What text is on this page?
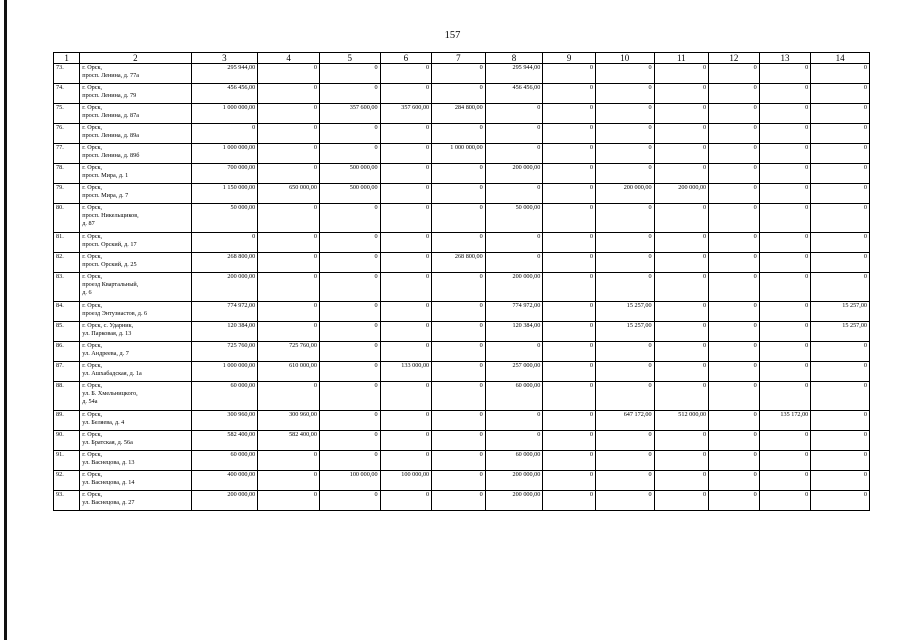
157
1	2	3	4	5	6	7	8	9	10	11	12	13	14
73.	г. Орск,
просп. Ленина, д. 77а	295 944,00	0	0	0	0	295 944,00	0	0	0	0	0	0
74.	г. Орск,
просп. Ленина, д. 79	456 456,00	0	0	0	0	456 456,00	0	0	0	0	0	0
75.	г. Орск,
просп. Ленина, д. 87а	1 000 000,00	0	357 600,00	357 600,00	284 800,00	0	0	0	0	0	0	0
76.	г. Орск,
просп. Ленина, д. 89а	0	0	0	0	0	0	0	0	0	0	0	0
77.	г. Орск,
просп. Ленина, д. 89б	1 000 000,00	0	0	0	1 000 000,00	0	0	0	0	0	0	0
78.	г. Орск,
просп. Мира, д. 1	700 000,00	0	500 000,00	0	0	200 000,00	0	0	0	0	0	0
79.	г. Орск,
просп. Мира, д. 7	1 150 000,00	650 000,00	500 000,00	0	0	0	0	200 000,00	200 000,00	0	0	0
80.	г. Орск,
просп. Никельщиков,
д. 87	50 000,00	0	0	0	0	50 000,00	0	0	0	0	0	0
81.	г. Орск,
просп. Орский, д. 17	0	0	0	0	0	0	0	0	0	0	0	0
82.	г. Орск,
просп. Орский, д. 25	268 800,00	0	0	0	268 800,00	0	0	0	0	0	0	0
83.	г. Орск,
проезд Квартальный,
д. 6	200 000,00	0	0	0	0	200 000,00	0	0	0	0	0	0
84.	г. Орск,
проезд Энтузиастов, д. 6	774 972,00	0	0	0	0	774 972,00	0	15 257,00	0	0	0	15 257,00
85.	г. Орск, с. Ударник,
ул. Парковая, д. 13	120 384,00	0	0	0	0	120 384,00	0	15 257,00	0	0	0	15 257,00
86.	г. Орск,
ул. Андреева, д. 7	725 760,00	725 760,00	0	0	0	0	0	0	0	0	0	0
87.	г. Орск,
ул. Ашхабадская, д. 1а	1 000 000,00	610 000,00	0	133 000,00	0	257 000,00	0	0	0	0	0	0
88.	г. Орск,
ул. Б. Хмельницкого,
д. 54а	60 000,00	0	0	0	0	60 000,00	0	0	0	0	0	0
89.	г. Орск,
ул. Беляева, д. 4	300 960,00	300 960,00	0	0	0	0	0	647 172,00	512 000,00	0	135 172,00	0
90.	г. Орск,
ул. Братская, д. 56а	582 400,00	582 400,00	0	0	0	0	0	0	0	0	0	0
91.	г. Орск,
ул. Васнецова, д. 13	60 000,00	0	0	0	0	60 000,00	0	0	0	0	0	0
92.	г. Орск,
ул. Васнецова, д. 14	400 000,00	0	100 000,00	100 000,00	0	200 000,00	0	0	0	0	0	0
93.	г. Орск,
ул. Васнецова, д. 27	200 000,00	0	0	0	0	200 000,00	0	0	0	0	0	0
